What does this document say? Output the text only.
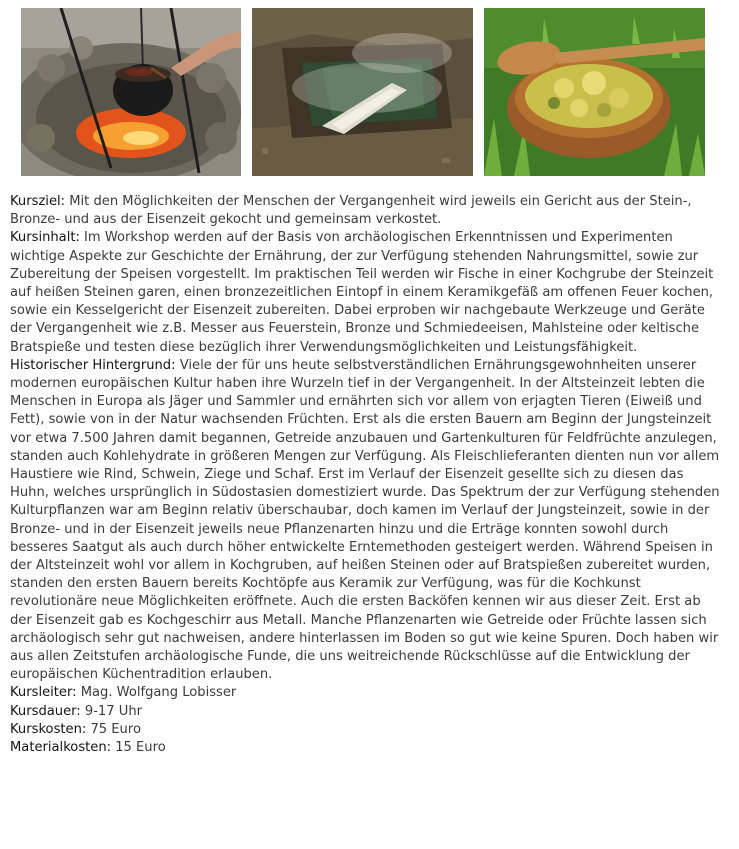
Kursziel: Mit den Möglichkeiten der Menschen der Vergangenheit wird jeweils ein Gericht aus der Stein-, Bronze- und aus der Eisenzeit gekocht und gemeinsam verkostet.

Kursinhalt: Im Workshop werden auf der Basis von archäologischen Erkenntnissen und Experimenten wichtige Aspekte zur Geschichte der Ernährung, der zur Verfügung stehenden Nahrungsmittel, sowie zur Zubereitung der Speisen vorgestellt. Im praktischen Teil werden wir Fische in einer Kochgrube der Steinzeit auf heißen Steinen garen, einen bronzezeitlichen Eintopf in einem Keramikgefäß am offenen Feuer kochen, sowie ein Kesselgericht der Eisenzeit zubereiten. Dabei erproben wir nachgebaute Werkzeuge und Geräte der Vergangenheit wie z.B. Messer aus Feuerstein, Bronze und Schmiedeeisen, Mahlsteine oder keltische Bratspieße und testen diese bezüglich ihrer Verwendungsmöglichkeiten und Leistungsfähigkeit.

Historischer Hintergrund: Viele der für uns heute selbstverständlichen Ernährungsgewohnheiten unserer modernen europäischen Kultur haben ihre Wurzeln tief in der Vergangenheit. In der Altsteinzeit lebten die Menschen in Europa als Jäger und Sammler und ernährten sich vor allem von erjagten Tieren (Eiweiß und Fett), sowie von in der Natur wachsenden Früchten. Erst als die ersten Bauern am Beginn der Jungsteinzeit vor etwa 7.500 Jahren damit begannen, Getreide anzubauen und Gartenkulturen für Feldfrüchte anzulegen, standen auch Kohlehydrate in größeren Mengen zur Verfügung. Als Fleischlieferanten dienten nun vor allem Haustiere wie Rind, Schwein, Ziege und Schaf. Erst im Verlauf der Eisenzeit gesellte sich zu diesen das Huhn, welches ursprünglich in Südostasien domestiziert wurde. Das Spektrum der zur Verfügung stehenden Kulturpflanzen war am Beginn relativ überschaubar, doch kamen im Verlauf der Jungsteinzeit, sowie in der Bronze- und in der Eisenzeit jeweils neue Pflanzenarten hinzu und die Erträge konnten sowohl durch besseres Saatgut als auch durch höher entwickelte Erntemethoden gesteigert werden. Während Speisen in der Altsteinzeit wohl vor allem in Kochgruben, auf heißen Steinen oder auf Bratspießen zubereitet wurden, standen den ersten Bauern bereits Kochtöpfe aus Keramik zur Verfügung, was für die Kochkunst revolutionäre neue Möglichkeiten eröffnete. Auch die ersten Backöfen kennen wir aus dieser Zeit. Erst ab der Eisenzeit gab es Kochgeschirr aus Metall. Manche Pflanzenarten wie Getreide oder Früchte lassen sich archäologisch sehr gut nachweisen, andere hinterlassen im Boden so gut wie keine Spuren. Doch haben wir aus allen Zeitstufen archäologische Funde, die uns weitreichende Rückschlüsse auf die Entwicklung der europäischen Küchentradition erlauben.

Kursleiter: Mag. Wolfgang Lobisser

Kursdauer: 9-17 Uhr

Kurskosten: 75 Euro

Materialkosten: 15 Euro
